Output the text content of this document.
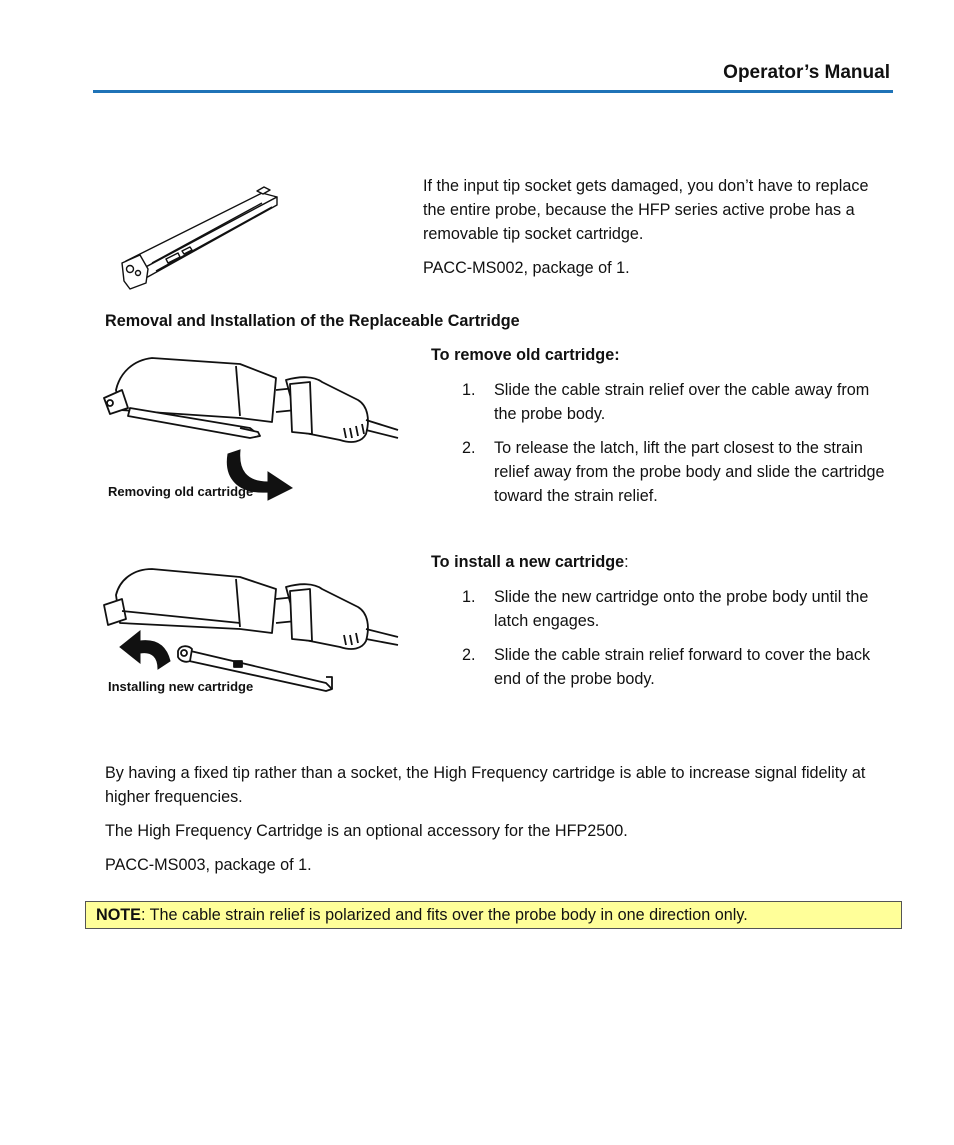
Operator’s Manual
If the input tip socket gets damaged, you don’t have to replace the entire probe, because the HFP series active probe has a removable tip socket cartridge.
PACC-MS002, package of 1.
Removal and Installation of the Replaceable Cartridge
Removing old cartridge
To remove old cartridge:
1. Slide the cable strain relief over the cable away from the probe body.
2. To release the latch, lift the part closest to the strain relief away from the probe body and slide the cartridge toward the strain relief.
Installing new cartridge
To install a new cartridge:
1. Slide the new cartridge onto the probe body until the latch engages.
2. Slide the cable strain relief forward to cover the back end of the probe body.
By having a fixed tip rather than a socket, the High Frequency cartridge is able to increase signal fidelity at higher frequencies.
The High Frequency Cartridge is an optional accessory for the HFP2500.
PACC-MS003, package of 1.
NOTE: The cable strain relief is polarized and fits over the probe body in one direction only.
